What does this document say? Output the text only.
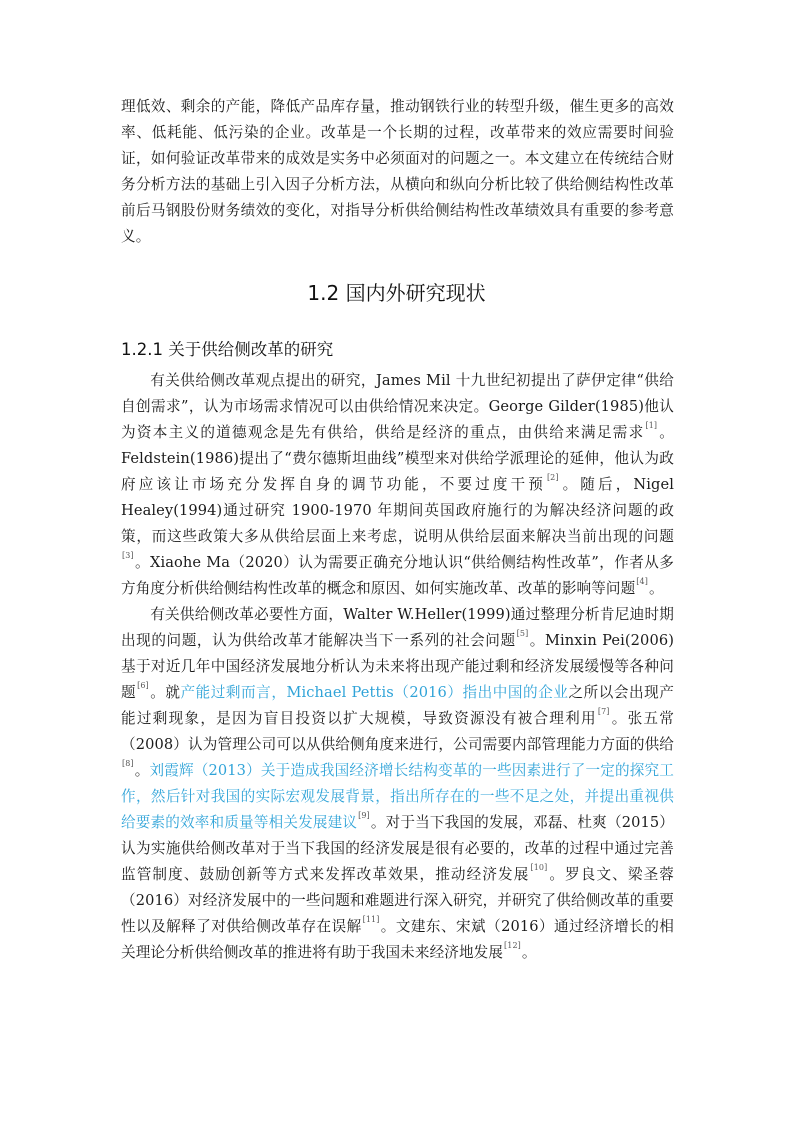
理低效、剩余的产能，降低产品库存量，推动钢铁行业的转型升级，催生更多的高效率、低耗能、低污染的企业。改革是一个长期的过程，改革带来的效应需要时间验证，如何验证改革带来的成效是实务中必须面对的问题之一。本文建立在传统结合财务分析方法的基础上引入因子分析方法，从横向和纵向分析比较了供给侧结构性改革前后马钢股份财务绩效的变化，对指导分析供给侧结构性改革绩效具有重要的参考意义。

1.2 国内外研究现状
1.2.1 关于供给侧改革的研究

有关供给侧改革观点提出的研究，James Mil 十九世纪初提出了萨伊定律“供给自创需求”，认为市场需求情况可以由供给情况来决定。George Gilder(1985)他认为资本主义的道德观念是先有供给，供给是经济的重点，由供给来满足需求[1]。Feldstein(1986)提出了“费尔德斯坦曲线”模型来对供给学派理论的延伸，他认为政府应该让市场充分发挥自身的调节功能，不要过度干预[2]。随后，Nigel Healey(1994)通过研究 1900-1970 年期间英国政府施行的为解决经济问题的政策，而这些政策大多从供给层面上来考虑，说明从供给层面来解决当前出现的问题[3]。Xiaohe Ma（2020）认为需要正确充分地认识“供给侧结构性改革”，作者从多方角度分析供给侧结构性改革的概念和原因、如何实施改革、改革的影响等问题[4]。

有关供给侧改革必要性方面，Walter W.Heller(1999)通过整理分析肯尼迪时期出现的问题，认为供给改革才能解决当下一系列的社会问题[5]。Minxin Pei(2006)基于对近几年中国经济发展地分析认为未来将出现产能过剩和经济发展缓慢等各种问题[6]。就产能过剩而言，Michael Pettis（2016）指出中国的企业之所以会出现产能过剩现象，是因为盲目投资以扩大规模，导致资源没有被合理利用[7]。张五常（2008）认为管理公司可以从供给侧角度来进行，公司需要内部管理能力方面的供给[8]。刘霞辉（2013）关于造成我国经济增长结构变革的一些因素进行了一定的探究工作，然后针对我国的实际宏观发展背景，指出所存在的一些不足之处，并提出重视供给要素的效率和质量等相关发展建议[9]。对于当下我国的发展，邓磊、杜爽（2015）认为实施供给侧改革对于当下我国的经济发展是很有必要的，改革的过程中通过完善监管制度、鼓励创新等方式来发挥改革效果，推动经济发展[10]。罗良文、梁圣蓉（2016）对经济发展中的一些问题和难题进行深入研究，并研究了供给侧改革的重要性以及解释了对供给侧改革存在误解[11]。文建东、宋斌（2016）通过经济增长的相关理论分析供给侧改革的推进将有助于我国未来经济地发展[12]。
